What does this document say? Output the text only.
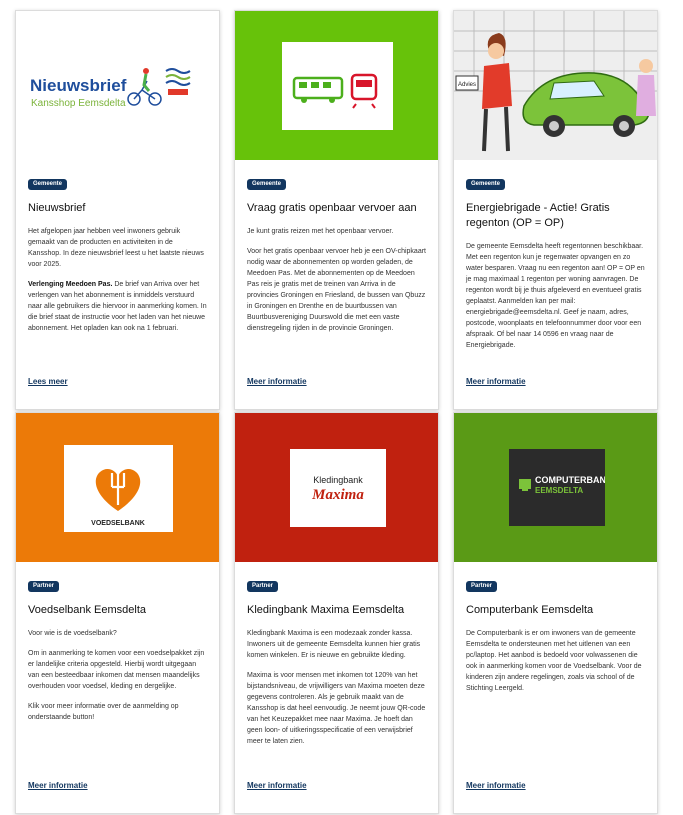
Nieuwsbrief
Kansshop Eemsdelta
Gemeente
Nieuwsbrief

Het afgelopen jaar hebben veel inwoners gebruik gemaakt van de producten en activiteiten in de Kansshop. In deze nieuwsbrief leest u het laatste nieuws voor 2025.

Verlenging Meedoen Pas. De brief van Arriva over het verlengen van het abonnement is inmiddels verstuurd naar alle gebruikers die hiervoor in aanmerking komen. In die brief staat de instructie voor het laden van het nieuwe abonnement. Het opladen kan ook na 1 februari.

Lees meer
Gemeente
Vraag gratis openbaar vervoer aan

Je kunt gratis reizen met het openbaar vervoer.

Voor het gratis openbaar vervoer heb je een OV-chipkaart nodig waar de abonnementen op worden geladen, de Meedoen Pas. Met de abonnementen op de Meedoen Pas reis je gratis met de treinen van Arriva in de provincies Groningen en Friesland, de bussen van Qbuzz in Groningen en Drenthe en de buurtbussen van Buurtbusvereniging Duurswold die met een vaste dienstregeling rijden in de provincie Groningen.

Meer informatie
Advies
Gemeente
Energiebrigade - Actie! Gratis regenton (OP = OP)

De gemeente Eemsdelta heeft regentonnen beschikbaar. Met een regenton kun je regenwater opvangen en zo water besparen. Vraag nu een regenton aan! OP = OP en je mag maximaal 1 regenton per woning aanvragen. De regenton wordt bij je thuis afgeleverd en eventueel gratis geplaatst. Aanmelden kan per mail: energiebrigade@eemsdelta.nl. Geef je naam, adres, postcode, woonplaats en telefoonnummer door voor een afspraak. Of bel naar 14 0596 en vraag naar de Energiebrigade.

Meer informatie
VOEDSELBANK
Partner
Voedselbank Eemsdelta

Voor wie is de voedselbank?

Om in aanmerking te komen voor een voedselpakket zijn er landelijke criteria opgesteld. Hierbij wordt uitgegaan van een besteedbaar inkomen dat mensen maandelijks overhouden voor voedsel, kleding en dergelijke.

Klik voor meer informatie over de aanmelding op onderstaande button!

Meer informatie
Kledingbank
Maxima
Partner
Kledingbank Maxima Eemsdelta

Kledingbank Maxima is een modezaak zonder kassa. Inwoners uit de gemeente Eemsdelta kunnen hier gratis komen winkelen. Er is nieuwe en gebruikte kleding.

Maxima is voor mensen met inkomen tot 120% van het bijstandsniveau, de vrijwilligers van Maxima moeten deze gegevens controleren. Als je gebruik maakt van de Kansshop is dat heel eenvoudig. Je neemt jouw QR-code van het Keuzepakket mee naar Maxima. Je hoeft dan geen loon- of uitkeringsspecificatie of een verwijsbrief meer te laten zien.

Meer informatie
COMPUTERBANK
EEMSDELTA
Partner
Computerbank Eemsdelta

De Computerbank is er om inwoners van de gemeente Eemsdelta te ondersteunen met het uitlenen van een pc/laptop. Het aanbod is bedoeld voor volwassenen die ook in aanmerking komen voor de Voedselbank. Voor de kinderen zijn andere regelingen, zoals via school of de Stichting Leergeld.

Meer informatie
